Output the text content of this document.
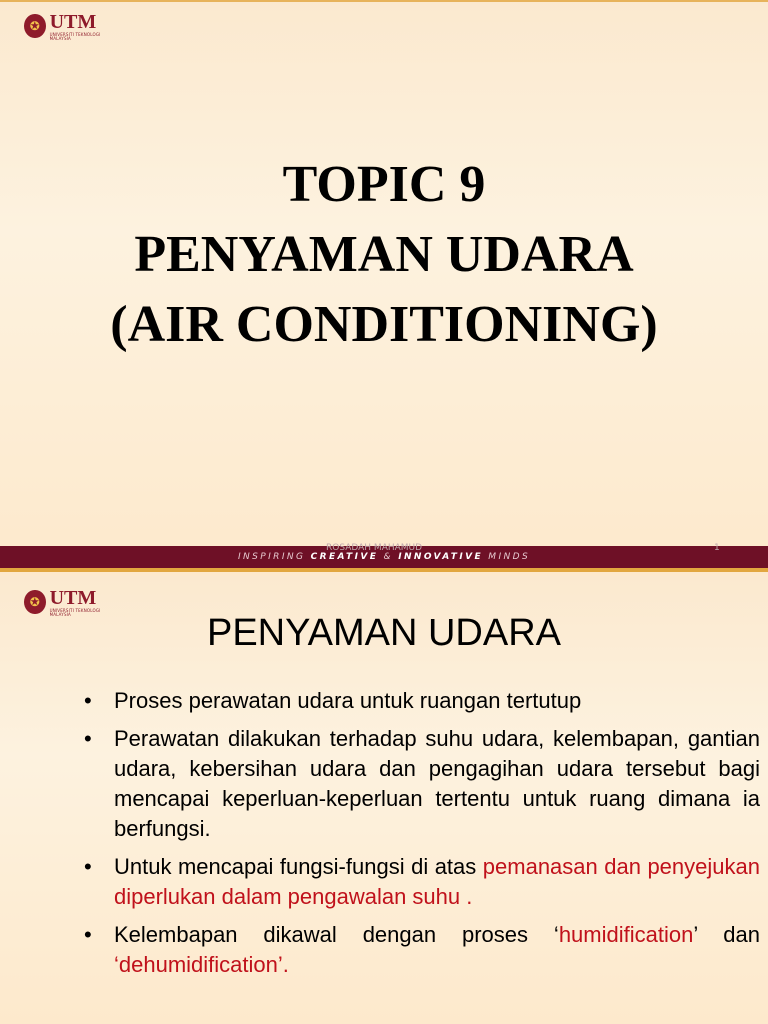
✪ UTM
UNIVERSITI TEKNOLOGI MALAYSIA
TOPIC 9
PENYAMAN UDARA
(AIR CONDITIONING)
ROSADAH MAHAMUD	1
INSPIRING CREATIVE & INNOVATIVE MINDS
✪ UTM
UNIVERSITI TEKNOLOGI MALAYSIA	PENYAMAN UDARA
• Proses perawatan udara untuk ruangan tertutup
• Perawatan dilakukan terhadap suhu udara, kelembapan, gantian udara, kebersihan udara dan pengagihan udara tersebut bagi mencapai keperluan-keperluan tertentu untuk ruang dimana ia berfungsi.
• Untuk mencapai fungsi-fungsi di atas pemanasan dan penyejukan diperlukan dalam pengawalan suhu .
• Kelembapan dikawal dengan proses ‘humidification’ dan ‘dehumidification’.
